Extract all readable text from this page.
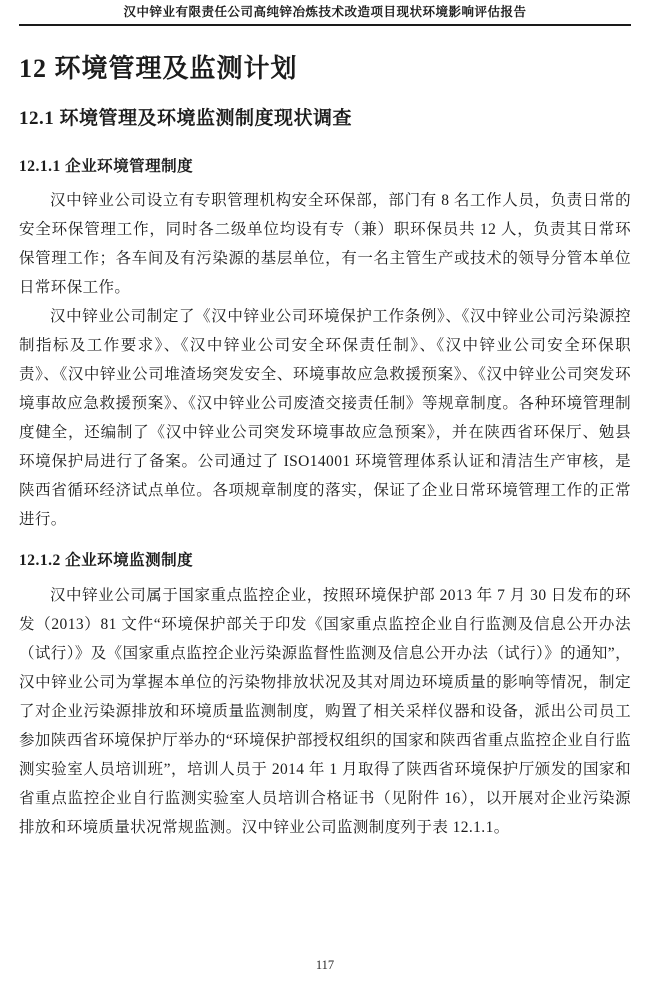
汉中锌业有限责任公司高纯锌冶炼技术改造项目现状环境影响评估报告
12 环境管理及监测计划
12.1 环境管理及环境监测制度现状调查
12.1.1 企业环境管理制度

汉中锌业公司设立有专职管理机构安全环保部，部门有 8 名工作人员，负责日常的安全环保管理工作，同时各二级单位均设有专（兼）职环保员共 12 人，负责其日常环保管理工作；各车间及有污染源的基层单位，有一名主管生产或技术的领导分管本单位日常环保工作。

汉中锌业公司制定了《汉中锌业公司环境保护工作条例》、《汉中锌业公司污染源控制指标及工作要求》、《汉中锌业公司安全环保责任制》、《汉中锌业公司安全环保职责》、《汉中锌业公司堆渣场突发安全、环境事故应急救援预案》、《汉中锌业公司突发环境事故应急救援预案》、《汉中锌业公司废渣交接责任制》等规章制度。各种环境管理制度健全，还编制了《汉中锌业公司突发环境事故应急预案》，并在陕西省环保厅、勉县环境保护局进行了备案。公司通过了 ISO14001 环境管理体系认证和清洁生产审核，是陕西省循环经济试点单位。各项规章制度的落实，保证了企业日常环境管理工作的正常进行。

12.1.2 企业环境监测制度

汉中锌业公司属于国家重点监控企业，按照环境保护部 2013 年 7 月 30 日发布的环发（2013）81 文件“环境保护部关于印发《国家重点监控企业自行监测及信息公开办法（试行）》及《国家重点监控企业污染源监督性监测及信息公开办法（试行）》的通知”，汉中锌业公司为掌握本单位的污染物排放状况及其对周边环境质量的影响等情况，制定了对企业污染源排放和环境质量监测制度，购置了相关采样仪器和设备，派出公司员工参加陕西省环境保护厅举办的“环境保护部授权组织的国家和陕西省重点监控企业自行监测实验室人员培训班”，培训人员于 2014 年 1 月取得了陕西省环境保护厅颁发的国家和省重点监控企业自行监测实验室人员培训合格证书（见附件 16），以开展对企业污染源排放和环境质量状况常规监测。汉中锌业公司监测制度列于表 12.1.1。

117
